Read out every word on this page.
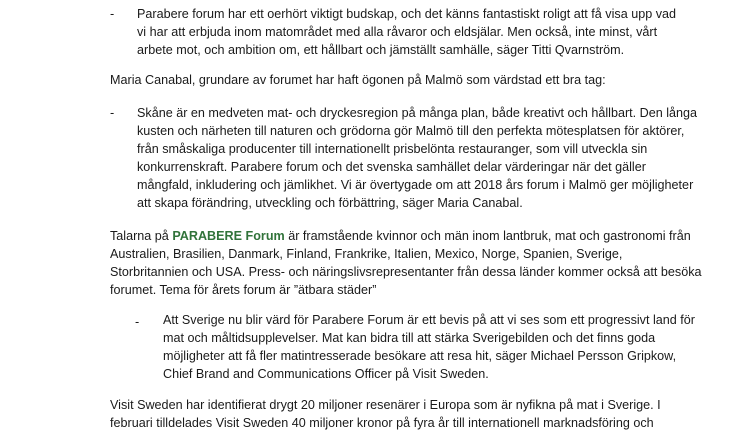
-	Parabere forum har ett oerhört viktigt budskap, och det känns fantastiskt roligt att få visa upp vad
vi har att erbjuda inom matområdet med alla råvaror och eldsjälar. Men också, inte minst, vårt
arbete mot, och ambition om, ett hållbart och jämställt samhälle, säger Titti Qvarnström.
Maria Canabal, grundare av forumet har haft ögonen på Malmö som värdstad ett bra tag:
-	Skåne är en medveten mat- och dryckesregion på många plan, både kreativt och hållbart. Den långa
kusten och närheten till naturen och grödorna gör Malmö till den perfekta mötesplatsen för aktörer,
från småskaliga producenter till internationellt prisbelönta restauranger, som vill utveckla sin
konkurrenskraft. Parabere forum och det svenska samhället delar värderingar när det gäller
mångfald, inkludering och jämlikhet. Vi är övertygade om att 2018 års forum i Malmö ger möjligheter
att skapa förändring, utveckling och förbättring, säger Maria Canabal.
Talarna på PARABERE Forum är framstående kvinnor och män inom lantbruk, mat och gastronomi från
Australien, Brasilien, Danmark, Finland, Frankrike, Italien, Mexico, Norge, Spanien, Sverige,
Storbritannien och USA. Press- och näringslivsrepresentanter från dessa länder kommer också att besöka
forumet. Tema för årets forum är ”ätbara städer”
-	Att Sverige nu blir värd för Parabere Forum är ett bevis på att vi ses som ett progressivt land för
mat och måltidsupplevelser. Mat kan bidra till att stärka Sverigebilden och det finns goda
möjligheter att få fler matintresserade besökare att resa hit, säger Michael Persson Gripkow,
Chief Brand and Communications Officer på Visit Sweden.
Visit Sweden har identifierat drygt 20 miljoner resenärer i Europa som är nyfikna på mat i Sverige. I
februari tilldelades Visit Sweden 40 miljoner kronor på fyra år till internationell marknadsföring och
